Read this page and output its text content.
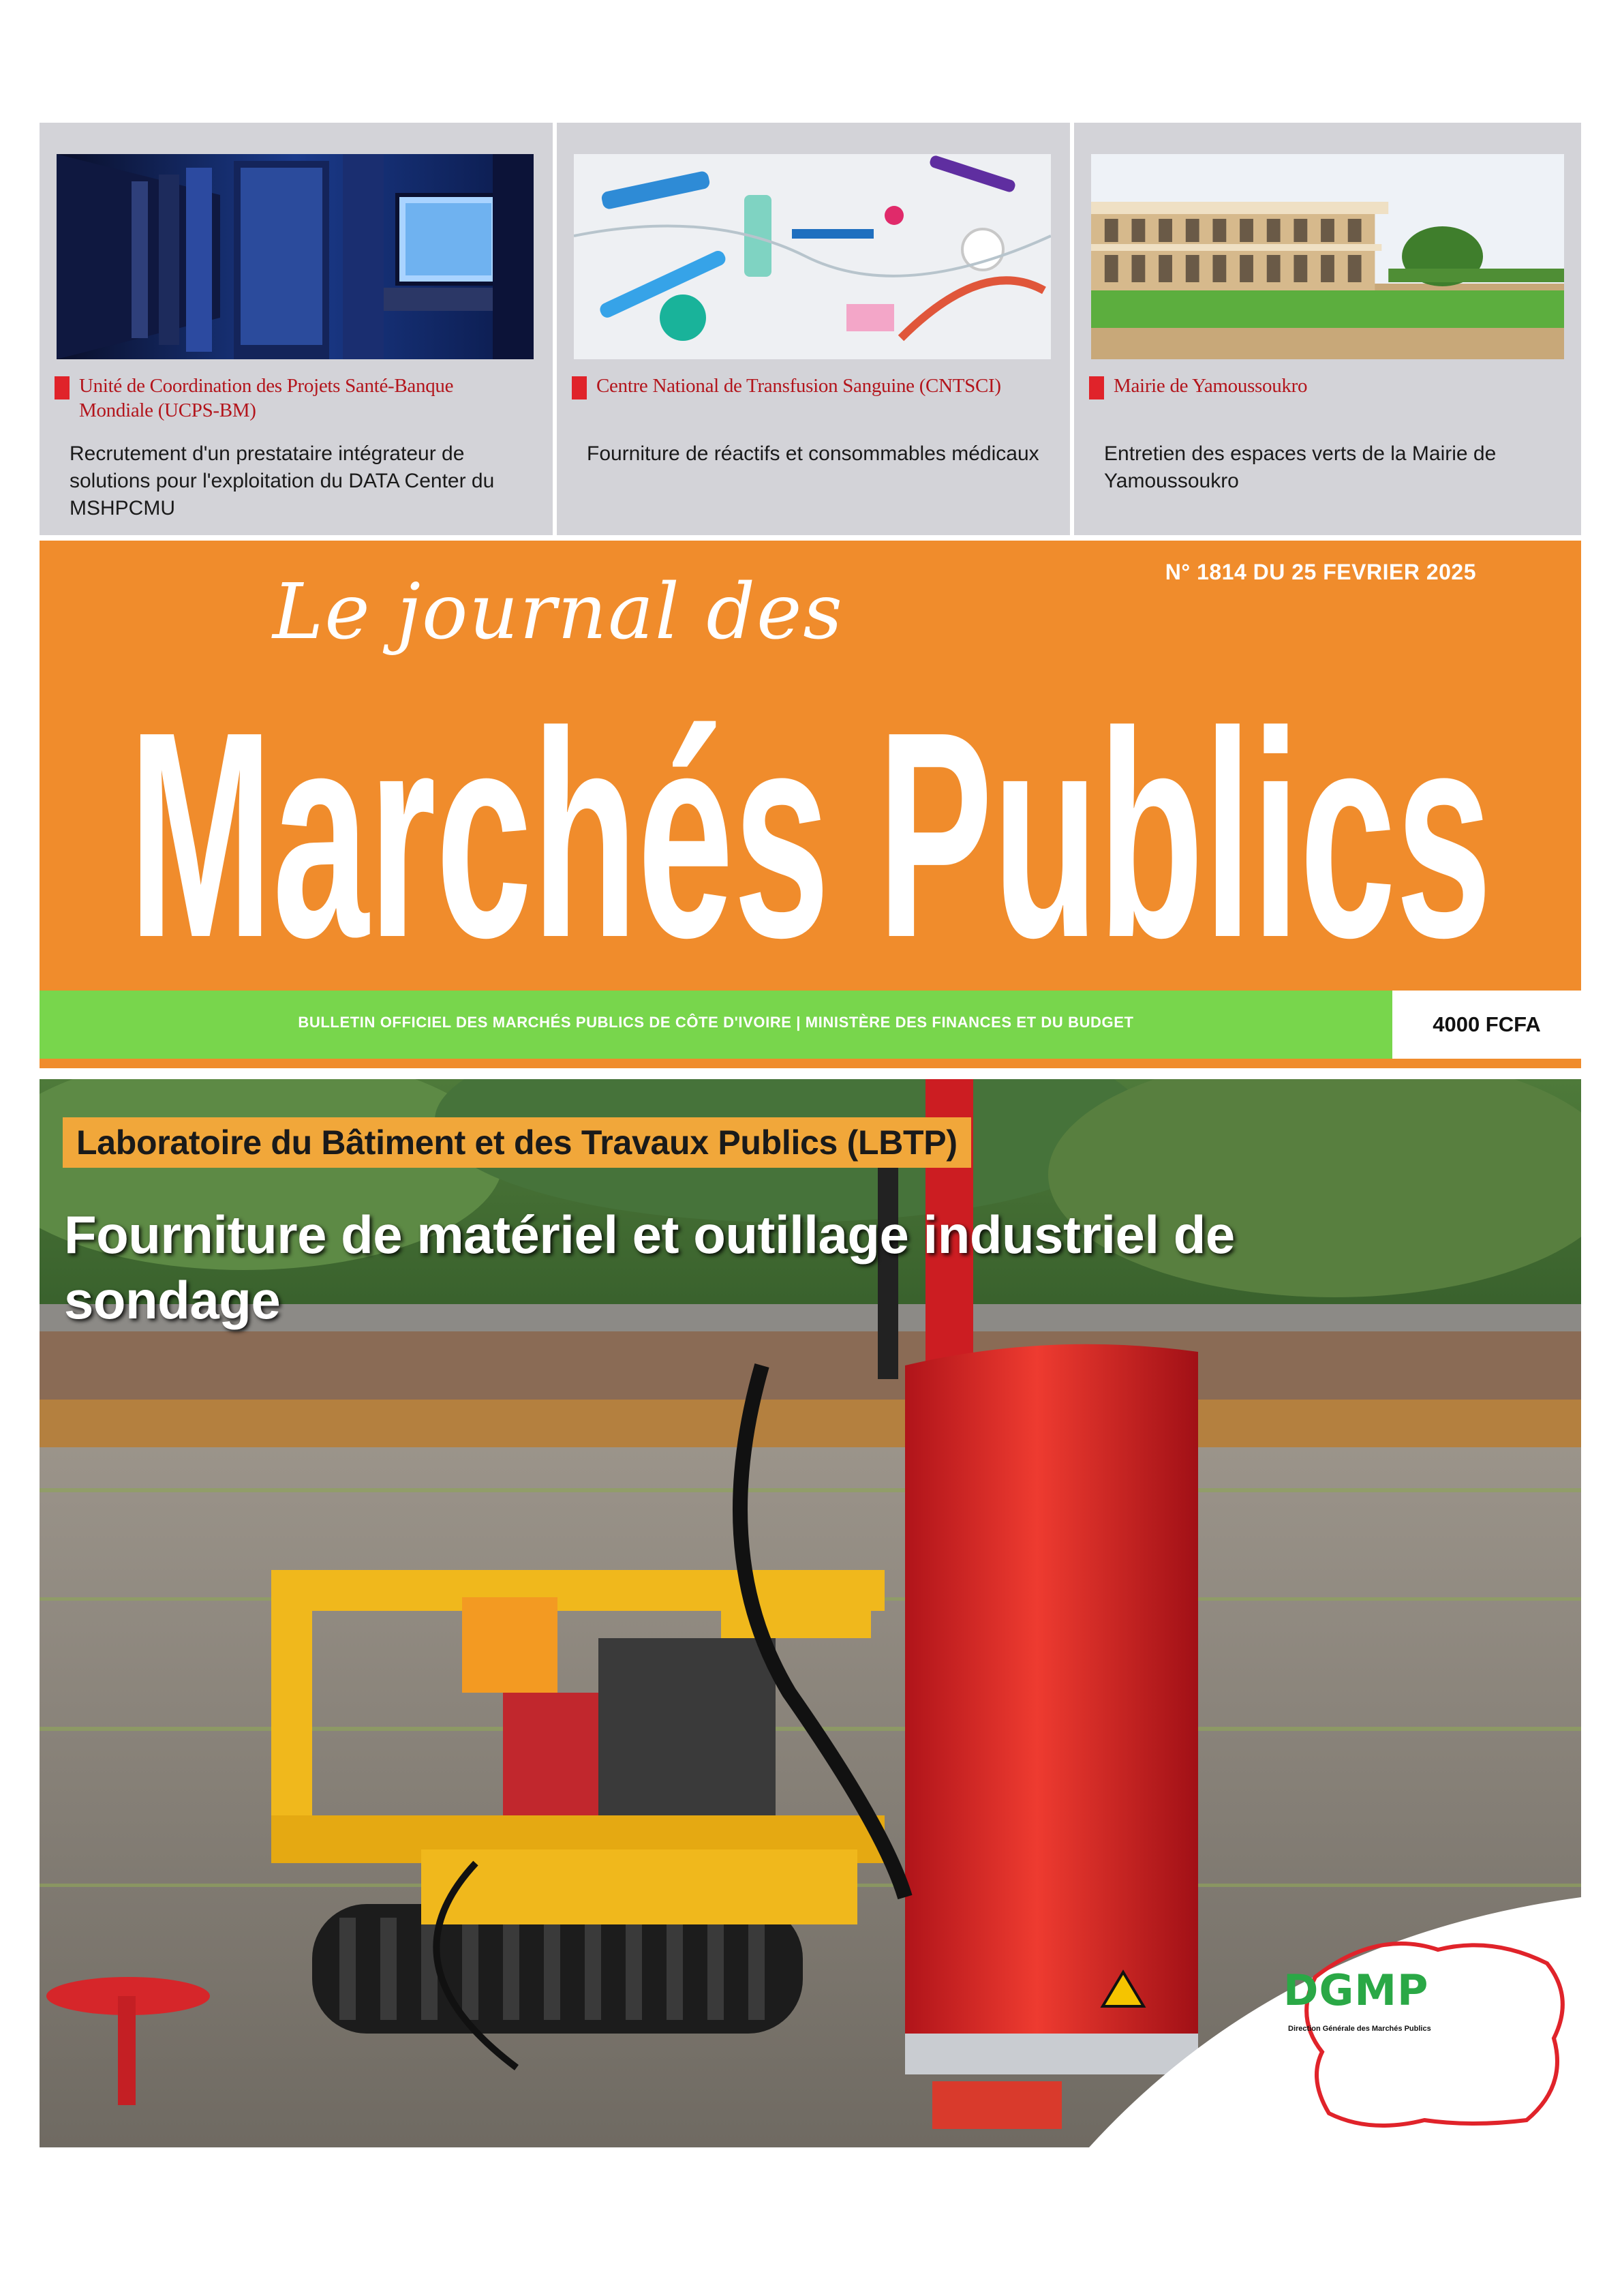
Unité de Coordination des Projets Santé-Banque Mondiale (UCPS-BM)
Recrutement d'un prestataire intégrateur de solutions pour l'exploitation du DATA Center du MSHPCMU
Centre National de Transfusion Sanguine (CNTSCI)
Fourniture de réactifs et consommables médicaux
Mairie de Yamoussoukro
Entretien des espaces verts de la Mairie de Yamoussoukro
N° 1814 DU 25 FEVRIER 2025
Le journal des
Marchés Publics
BULLETIN OFFICIEL DES MARCHÉS PUBLICS DE CÔTE D'IVOIRE | MINISTÈRE DES FINANCES ET DU BUDGET	4000 FCFA
Laboratoire du Bâtiment et des Travaux Publics (LBTP)
Fourniture de matériel et outillage industriel de sondage
DGMP
Direction Générale des Marchés Publics
